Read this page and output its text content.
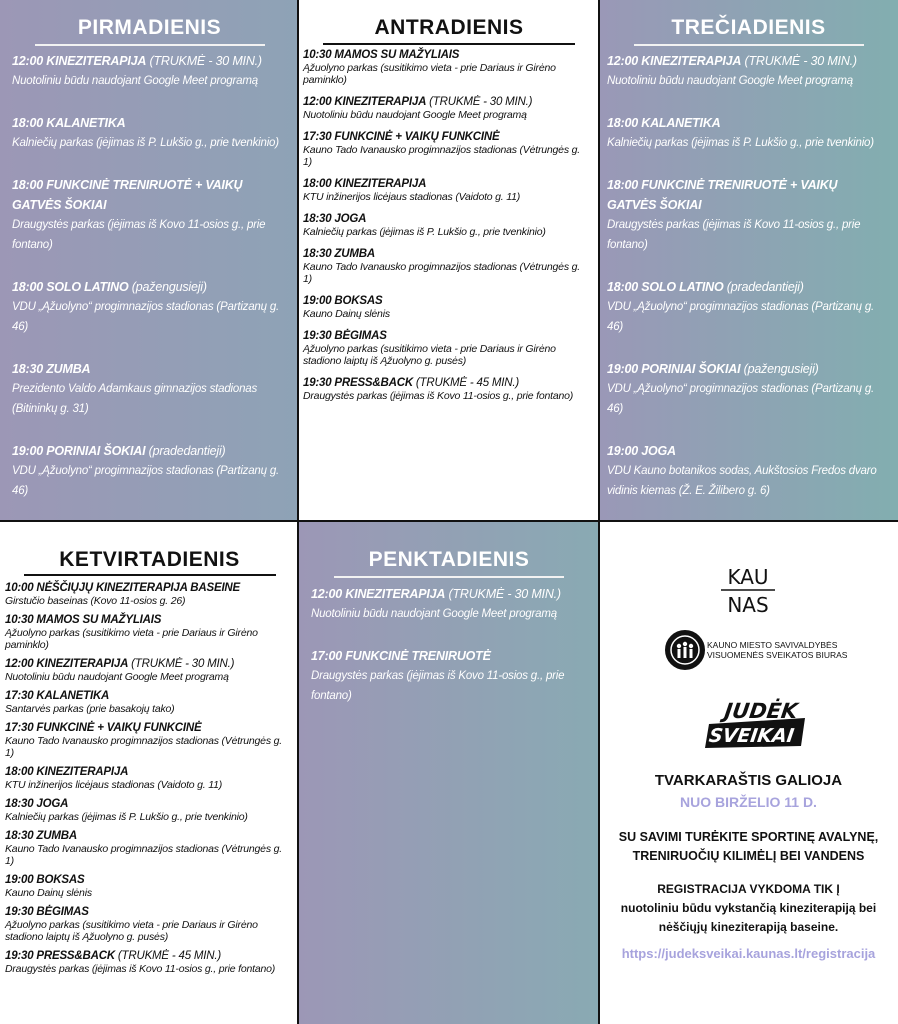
PIRMADIENIS
12:00 KINEZITERAPIJA (TRUKMĖ - 30 MIN.)
Nuotoliniu būdu naudojant Google Meet programą
18:00 KALANETIKA
Kalniečių parkas (įėjimas iš P. Lukšio g., prie tvenkinio)
18:00 FUNKCINĖ TRENIRUOTĖ + VAIKŲ GATVĖS ŠOKIAI
Draugystės parkas (įėjimas iš Kovo 11-osios g., prie fontano)
18:00 SOLO LATINO (pažengusieji)
VDU „Ąžuolyno“ progimnazijos stadionas (Partizanų g. 46)
18:30 ZUMBA
Prezidento Valdo Adamkaus gimnazijos stadionas (Bitininkų g. 31)
19:00 PORINIAI ŠOKIAI (pradedantieji)
VDU „Ąžuolyno“ progimnazijos stadionas (Partizanų g. 46)
ANTRADIENIS
10:30 MAMOS SU MAŽYLIAIS
Ąžuolyno parkas (susitikimo vieta - prie Dariaus ir Girėno paminklo)
12:00 KINEZITERAPIJA (TRUKMĖ - 30 MIN.)
Nuotoliniu būdu naudojant Google Meet programą
17:30 FUNKCINĖ + VAIKŲ FUNKCINĖ
Kauno Tado Ivanausko progimnazijos stadionas (Vėtrungės g. 1)
18:00 KINEZITERAPIJA
KTU inžinerijos licėjaus stadionas (Vaidoto g. 11)
18:30 JOGA
Kalniečių parkas (įėjimas iš P. Lukšio g., prie tvenkinio)
18:30 ZUMBA
Kauno Tado Ivanausko progimnazijos stadionas (Vėtrungės g. 1)
19:00 BOKSAS
Kauno Dainų slėnis
19:30 BĖGIMAS
Ąžuolyno parkas (susitikimo vieta - prie Dariaus ir Girėno stadiono laiptų iš Ąžuolyno g. pusės)
19:30 PRESS&BACK (TRUKMĖ - 45 MIN.)
Draugystės parkas (įėjimas iš Kovo 11-osios g., prie fontano)
TREČIADIENIS
12:00 KINEZITERAPIJA (TRUKMĖ - 30 MIN.)
Nuotoliniu būdu naudojant Google Meet programą
18:00 KALANETIKA
Kalniečių parkas (įėjimas iš P. Lukšio g., prie tvenkinio)
18:00 FUNKCINĖ TRENIRUOTĖ + VAIKŲ GATVĖS ŠOKIAI
Draugystės parkas (įėjimas iš Kovo 11-osios g., prie fontano)
18:00 SOLO LATINO (pradedantieji)
VDU „Ąžuolyno“ progimnazijos stadionas (Partizanų g. 46)
19:00 PORINIAI ŠOKIAI (pažengusieji)
VDU „Ąžuolyno“ progimnazijos stadionas (Partizanų g. 46)
19:00 JOGA
VDU Kauno botanikos sodas, Aukštosios Fredos dvaro vidinis kiemas (Ž. E. Žilibero g. 6)
KETVIRTADIENIS
10:00 NĖŠČIŲJŲ KINEZITERAPIJA BASEINE
Girstučio baseinas (Kovo 11-osios g. 26)
10:30 MAMOS SU MAŽYLIAIS
Ąžuolyno parkas (susitikimo vieta - prie Dariaus ir Girėno paminklo)
12:00 KINEZITERAPIJA (TRUKMĖ - 30 MIN.)
Nuotoliniu būdu naudojant Google Meet programą
17:30 KALANETIKA
Santarvės parkas (prie basakojų tako)
17:30 FUNKCINĖ + VAIKŲ FUNKCINĖ
Kauno Tado Ivanausko progimnazijos stadionas (Vėtrungės g. 1)
18:00 KINEZITERAPIJA
KTU inžinerijos licėjaus stadionas (Vaidoto g. 11)
18:30 JOGA
Kalniečių parkas (įėjimas iš P. Lukšio g., prie tvenkinio)
18:30 ZUMBA
Kauno Tado Ivanausko progimnazijos stadionas (Vėtrungės g. 1)
19:00 BOKSAS
Kauno Dainų slėnis
19:30 BĖGIMAS
Ąžuolyno parkas (susitikimo vieta - prie Dariaus ir Girėno stadiono laiptų iš Ąžuolyno g. pusės)
19:30 PRESS&BACK (TRUKMĖ - 45 MIN.)
Draugystės parkas (įėjimas iš Kovo 11-osios g., prie fontano)
PENKTADIENIS
12:00 KINEZITERAPIJA (TRUKMĖ - 30 MIN.)
Nuotoliniu būdu naudojant Google Meet programą
17:00 FUNKCINĖ TRENIRUOTĖ
Draugystės parkas (įėjimas iš Kovo 11-osios g., prie fontano)
KAU
NAS
KAUNO MIESTO SAVIVALDYBĖS
VISUOMENĖS SVEIKATOS BIURAS
JUDĖK
SVEIKAI
TVARKARAŠTIS GALIOJA
NUO BIRŽELIO 11 D.
SU SAVIMI TURĖKITE SPORTINĘ AVALYNĘ,
TRENIRUOČIŲ KILIMĖLĮ BEI VANDENS
REGISTRACIJA VYKDOMA TIK Į
nuotoliniu būdu vykstančią kineziterapiją bei
nėščiųjų kineziterapiją baseine.
https://judeksveikai.kaunas.lt/registracija
